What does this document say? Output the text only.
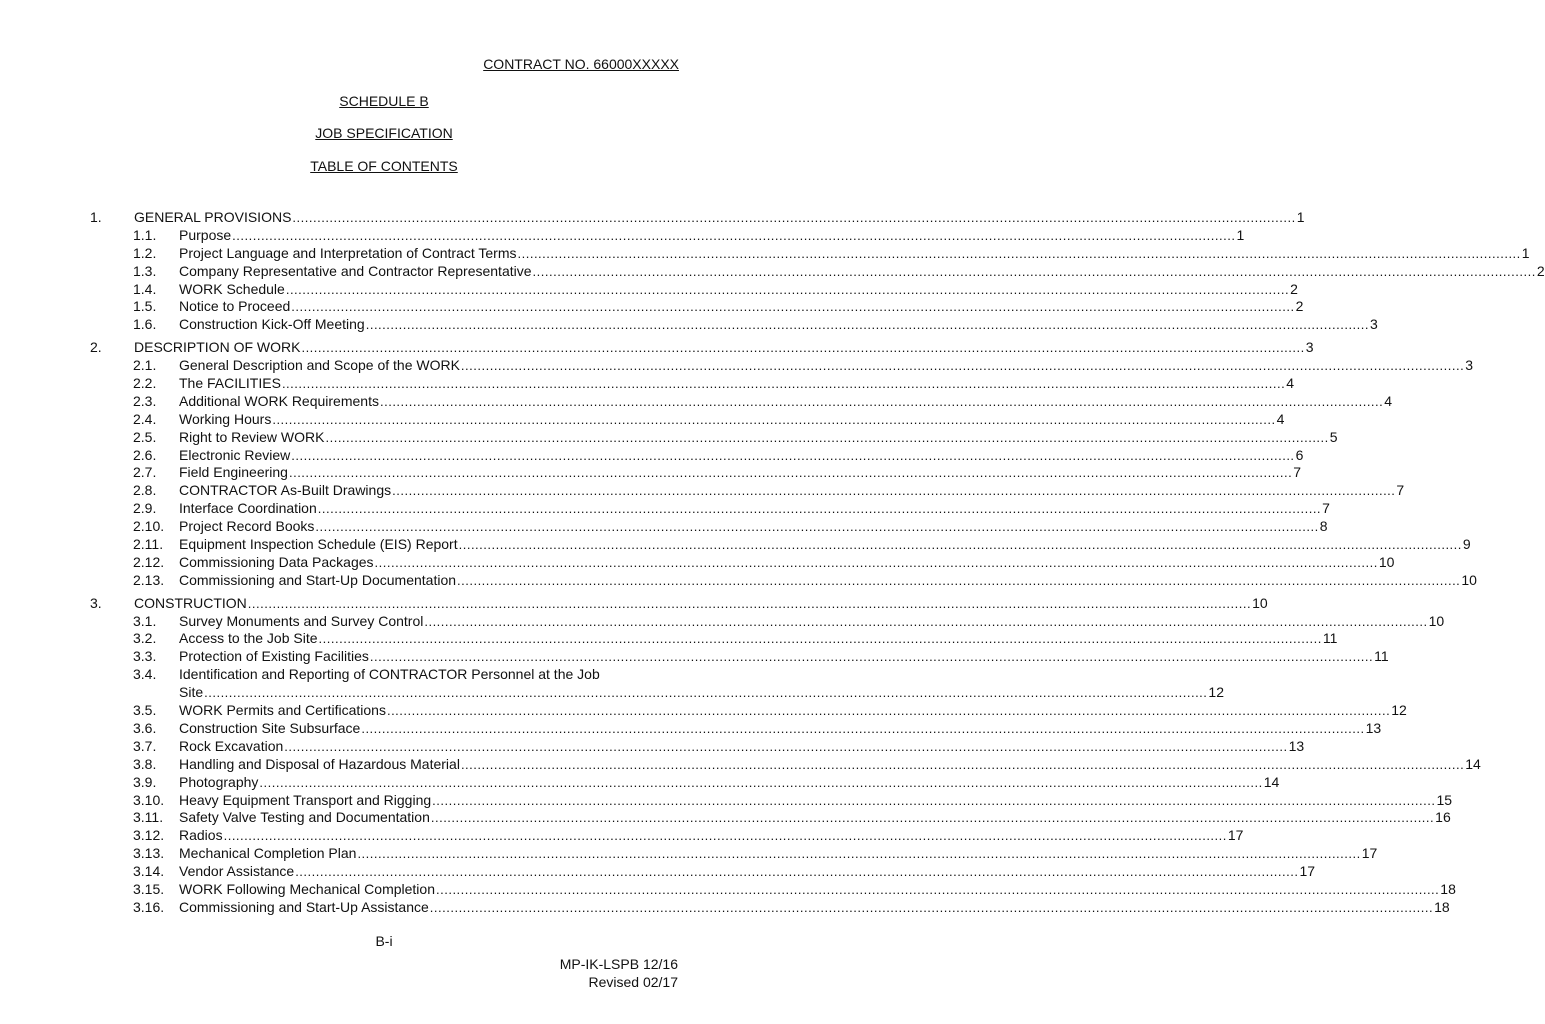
CONTRACT NO. 66000XXXXX
SCHEDULE B
JOB SPECIFICATION
TABLE OF CONTENTS
1. GENERAL PROVISIONS .....	1
1.1. Purpose .....	1
1.2. Project Language and Interpretation of Contract Terms .....	1
1.3. Company Representative and Contractor Representative .....	2
1.4. WORK Schedule .....	2
1.5. Notice to Proceed .....	2
1.6. Construction Kick-Off Meeting .....	3
2. DESCRIPTION OF WORK .....	3
2.1. General Description and Scope of the WORK .....	3
2.2. The FACILITIES .....	4
2.3. Additional WORK Requirements .....	4
2.4. Working Hours .....	4
2.5. Right to Review WORK .....	5
2.6. Electronic Review .....	6
2.7. Field Engineering .....	7
2.8. CONTRACTOR As-Built Drawings .....	7
2.9. Interface Coordination .....	7
2.10. Project Record Books .....	8
2.11. Equipment Inspection Schedule (EIS) Report .....	9
2.12. Commissioning Data Packages .....	10
2.13. Commissioning and Start-Up Documentation .....	10
3. CONSTRUCTION .....	10
3.1. Survey Monuments and Survey Control .....	10
3.2. Access to the Job Site .....	11
3.3. Protection of Existing Facilities .....	11
3.4. Identification and Reporting of CONTRACTOR Personnel at the Job
Site .....	12
3.5. WORK Permits and Certifications .....	12
3.6. Construction Site Subsurface .....	13
3.7. Rock Excavation .....	13
3.8. Handling and Disposal of Hazardous Material .....	14
3.9. Photography .....	14
3.10. Heavy Equipment Transport and Rigging .....	15
3.11. Safety Valve Testing and Documentation .....	16
3.12. Radios .....	17
3.13. Mechanical Completion Plan .....	17
3.14. Vendor Assistance .....	17
3.15. WORK Following Mechanical Completion .....	18
3.16. Commissioning and Start-Up Assistance .....	18
B-i
MP-IK-LSPB 12/16
Revised 02/17
